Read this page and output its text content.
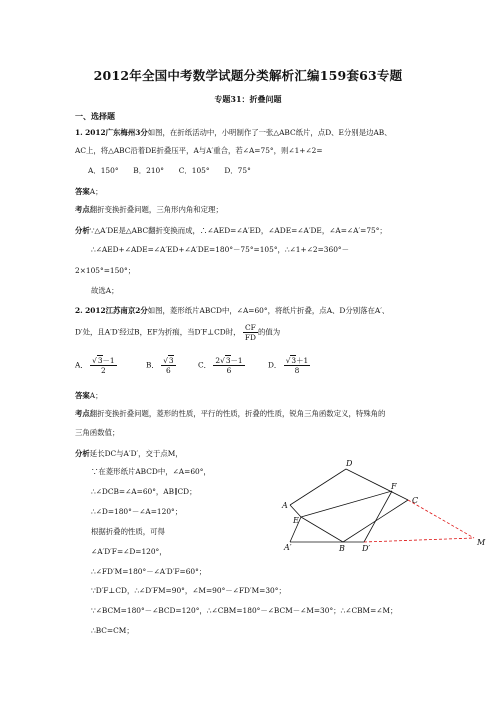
2012年全国中考数学试题分类解析汇编159套63专题
专题31：折叠问题
一、选择题
1. 2012广东梅州3分如图，在折纸活动中，小明制作了一张△ABC纸片，点D、E分别是边AB、
AC上，将△ABC沿着DE折叠压平，A与A′重合，若∠A=75°，则∠1+∠2=
A．150°　　B．210°　　C．105°　　D．75°
答案A；
考点翻折变换折叠问题，三角形内角和定理；
分析∵△A′DE是△ABC翻折变换而成，∴∠AED=∠A′ED，∠ADE=∠A′DE，∠A=∠A′=75°；
∴∠AED+∠ADE=∠A′ED+∠A′DE=180°－75°=105°，∴∠1+∠2=360°－
2×105°=150°；
故选A；
2. 2012江苏南京2分如图，菱形纸片ABCD中，∠A=60°，将纸片折叠，点A、D分别落在A′、
D′处，且A′D′经过B，EF为折痕，当D′F⊥CD时， $\frac{CF}{FD}$ 的值为
A． $\frac{√3-1}{2}$	B． $\frac{√3}{6}$	C． $\frac{2√3-1}{6}$	D． $\frac{√3+1}{8}$
答案A；
考点翻折变换折叠问题，菱形的性质，平行的性质，折叠的性质，锐角三角函数定义，特殊角的
三角函数值；
分析延长DC与A′D′，交于点M，
∵在菱形纸片ABCD中，∠A=60°，
∴∠DCB=∠A=60°，AB∥CD；
∴∠D=180°－∠A=120°；
根据折叠的性质，可得
∠A′D′F=∠D=120°，
∴∠FD′M=180°－∠A′D′F=60°；
∵D′F⊥CD，∴∠D′FM=90°，∠M=90°－∠FD′M=30°；
∵∠BCM=180°－∠BCD=120°，∴∠CBM=180°－∠BCM－∠M=30°；∴∠CBM=∠M；
∴BC=CM；
D
A
E
F
C
A′	B D′
M
